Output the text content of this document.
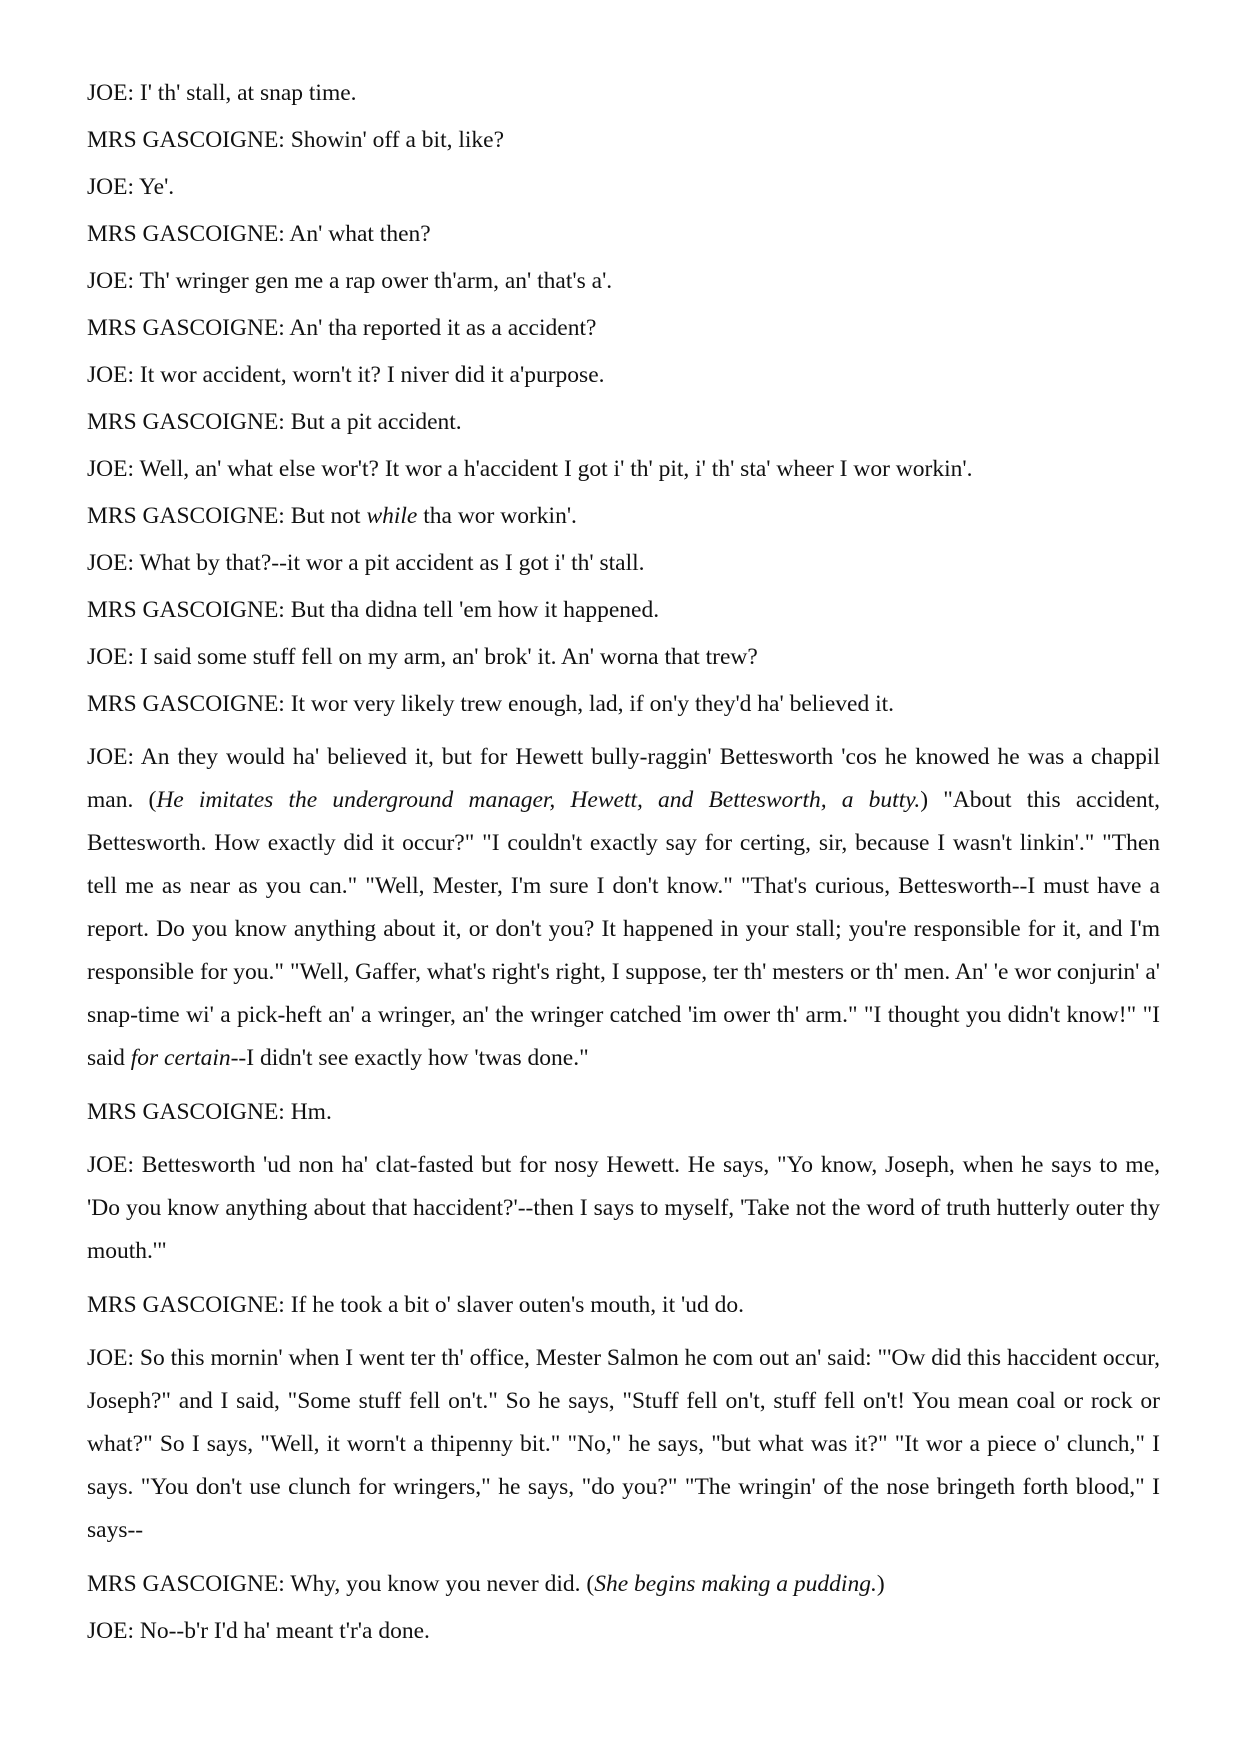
JOE: I' th' stall, at snap time.
MRS GASCOIGNE: Showin' off a bit, like?
JOE: Ye'.
MRS GASCOIGNE: An' what then?
JOE: Th' wringer gen me a rap ower th'arm, an' that's a'.
MRS GASCOIGNE: An' tha reported it as a accident?
JOE: It wor accident, worn't it? I niver did it a'purpose.
MRS GASCOIGNE: But a pit accident.
JOE: Well, an' what else wor't? It wor a h'accident I got i' th' pit, i' th' sta' wheer I wor workin'.
MRS GASCOIGNE: But not while tha wor workin'.
JOE: What by that?--it wor a pit accident as I got i' th' stall.
MRS GASCOIGNE: But tha didna tell 'em how it happened.
JOE: I said some stuff fell on my arm, an' brok' it. An' worna that trew?
MRS GASCOIGNE: It wor very likely trew enough, lad, if on'y they'd ha' believed it.

JOE: An they would ha' believed it, but for Hewett bully-raggin' Bettesworth 'cos he knowed he was a chappil man. (He imitates the underground manager, Hewett, and Bettesworth, a butty.) "About this accident, Bettesworth. How exactly did it occur?" "I couldn't exactly say for certing, sir, because I wasn't linkin'." "Then tell me as near as you can." "Well, Mester, I'm sure I don't know." "That's curious, Bettesworth--I must have a report. Do you know anything about it, or don't you? It happened in your stall; you're responsible for it, and I'm responsible for you." "Well, Gaffer, what's right's right, I suppose, ter th' mesters or th' men. An' 'e wor conjurin' a' snap-time wi' a pick-heft an' a wringer, an' the wringer catched 'im ower th' arm." "I thought you didn't know!" "I said for certain--I didn't see exactly how 'twas done."

MRS GASCOIGNE: Hm.

JOE: Bettesworth 'ud non ha' clat-fasted but for nosy Hewett. He says, "Yo know, Joseph, when he says to me, 'Do you know anything about that haccident?'--then I says to myself, 'Take not the word of truth hutterly outer thy mouth.'"

MRS GASCOIGNE: If he took a bit o' slaver outen's mouth, it 'ud do.

JOE: So this mornin' when I went ter th' office, Mester Salmon he com out an' said: "'Ow did this haccident occur, Joseph?" and I said, "Some stuff fell on't." So he says, "Stuff fell on't, stuff fell on't! You mean coal or rock or what?" So I says, "Well, it worn't a thipenny bit." "No," he says, "but what was it?" "It wor a piece o' clunch," I says. "You don't use clunch for wringers," he says, "do you?" "The wringin' of the nose bringeth forth blood," I says--

MRS GASCOIGNE: Why, you know you never did. (She begins making a pudding.)
JOE: No--b'r I'd ha' meant t'r'a done.
